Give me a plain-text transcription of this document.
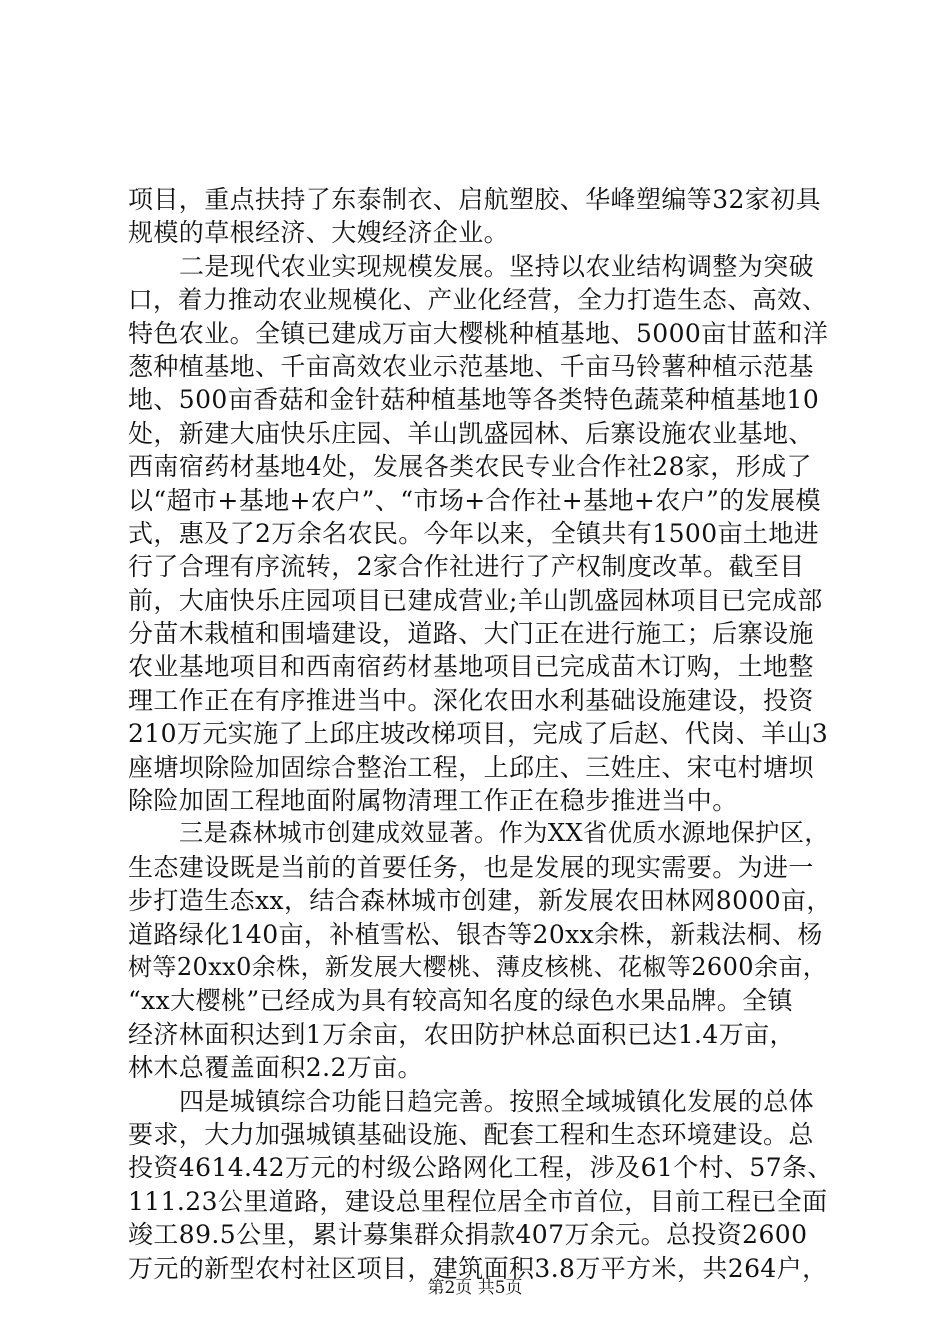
项目，重点扶持了东泰制衣、启航塑胶、华峰塑编等32家初具
规模的草根经济、大嫂经济企业。
二是现代农业实现规模发展。坚持以农业结构调整为突破
口，着力推动农业规模化、产业化经营，全力打造生态、高效、
特色农业。全镇已建成万亩大樱桃种植基地、5000亩甘蓝和洋
葱种植基地、千亩高效农业示范基地、千亩马铃薯种植示范基
地、500亩香菇和金针菇种植基地等各类特色蔬菜种植基地10
处，新建大庙快乐庄园、羊山凯盛园林、后寨设施农业基地、
西南宿药材基地4处，发展各类农民专业合作社28家，形成了
以“超市+基地+农户”、“市场+合作社+基地+农户”的发展模
式，惠及了2万余名农民。今年以来，全镇共有1500亩土地进
行了合理有序流转，2家合作社进行了产权制度改革。截至目
前，大庙快乐庄园项目已建成营业;羊山凯盛园林项目已完成部
分苗木栽植和围墙建设，道路、大门正在进行施工；后寨设施
农业基地项目和西南宿药材基地项目已完成苗木订购，土地整
理工作正在有序推进当中。深化农田水利基础设施建设，投资
210万元实施了上邱庄坡改梯项目，完成了后赵、代岗、羊山3
座塘坝除险加固综合整治工程，上邱庄、三姓庄、宋屯村塘坝
除险加固工程地面附属物清理工作正在稳步推进当中。
三是森林城市创建成效显著。作为XX省优质水源地保护区，
生态建设既是当前的首要任务，也是发展的现实需要。为进一
步打造生态xx，结合森林城市创建，新发展农田林网8000亩，
道路绿化140亩，补植雪松、银杏等20xx余株，新栽法桐、杨
树等20xx0余株，新发展大樱桃、薄皮核桃、花椒等2600余亩，
“xx大樱桃”已经成为具有较高知名度的绿色水果品牌。全镇
经济林面积达到1万余亩，农田防护林总面积已达1.4万亩，
林木总覆盖面积2.2万亩。
四是城镇综合功能日趋完善。按照全域城镇化发展的总体
要求，大力加强城镇基础设施、配套工程和生态环境建设。总
投资4614.42万元的村级公路网化工程，涉及61个村、57条、
111.23公里道路，建设总里程位居全市首位，目前工程已全面
竣工89.5公里，累计募集群众捐款407万余元。总投资2600
万元的新型农村社区项目，建筑面积3.8万平方米，共264户，
第2页 共5页
